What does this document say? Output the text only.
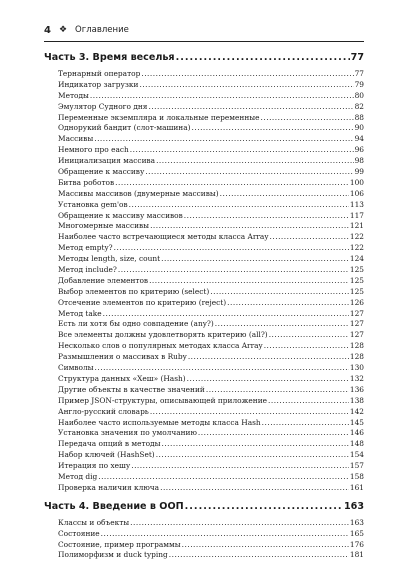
4 ❖ Оглавление
Часть 3. Время веселья .....	77
Тернарный оператор .....	77
Индикатор загрузки .....	79
Методы .....	80
Эмулятор Судного дня .....	82
Переменные экземпляра и локальные переменные .....	88
Однорукий бандит (слот-машина) .....	90
Массивы .....	94
Немного про each .....	96
Инициализация массива .....	98
Обращение к массиву .....	99
Битва роботов .....	100
Массивы массивов (двумерные массивы) .....	106
Установка gem'ов .....	113
Обращение к массиву массивов .....	117
Многомерные массивы .....	121
Наиболее часто встречающиеся методы класса Array .....	122
Метод empty? .....	122
Методы length, size, count .....	124
Метод include? .....	125
Добавление элементов .....	125
Выбор элементов по критерию (select) .....	125
Отсечение элементов по критерию (reject) .....	126
Метод take .....	127
Есть ли хотя бы одно совпадение (any?) .....	127
Все элементы должны удовлетворять критерию (all?) .....	127
Несколько слов о популярных методах класса Array .....	128
Размышления о массивах в Ruby .....	128
Символы .....	130
Структура данных «Хеш» (Hash) .....	132
Другие объекты в качестве значений .....	136
Пример JSON-структуры, описывающей приложение .....	138
Англо-русский словарь .....	142
Наиболее часто используемые методы класса Hash .....	145
Установка значения по умолчанию .....	146
Передача опций в методы .....	148
Набор ключей (HashSet) .....	154
Итерация по хешу .....	157
Метод dig .....	158
Проверка наличия ключа .....	161
Часть 4. Введение в ООП .....	163
Классы и объекты .....	163
Состояние .....	165
Состояние, пример программы .....	176
Полиморфизм и duck typing .....	181
